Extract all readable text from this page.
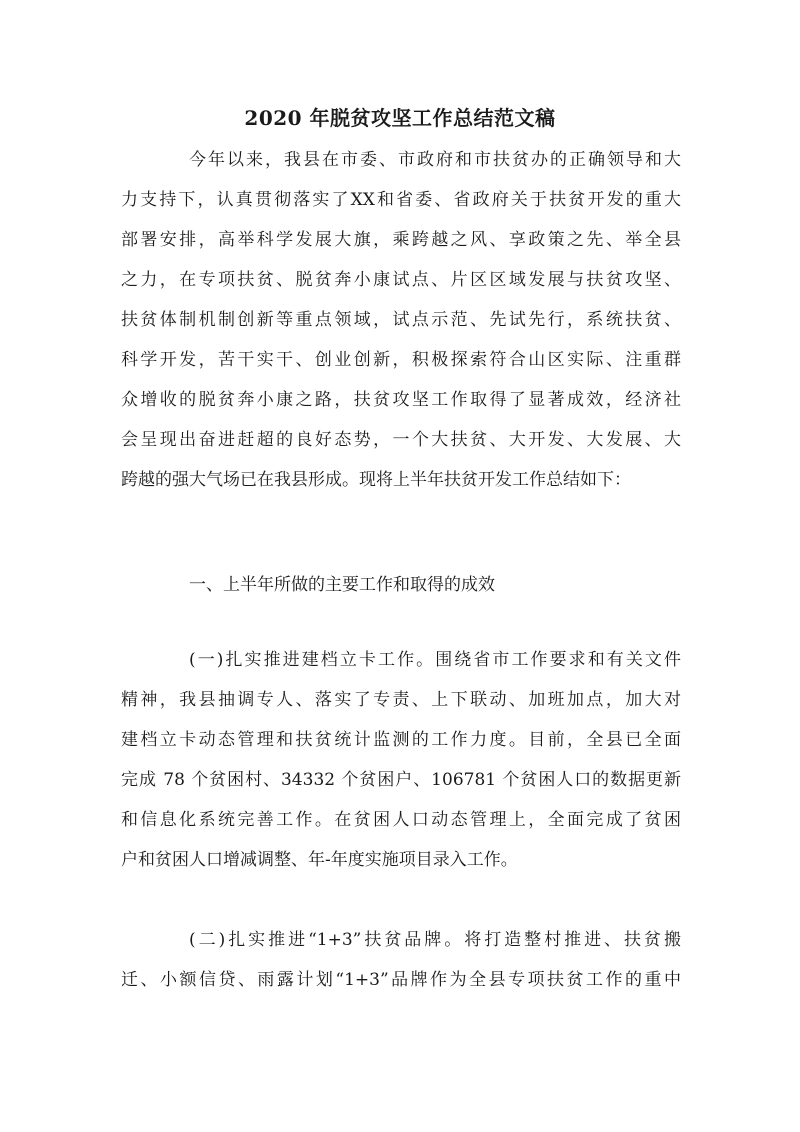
2020 年脱贫攻坚工作总结范文稿
今年以来，我县在市委、市政府和市扶贫办的正确领导和大
力支持下，认真贯彻落实了XX和省委、省政府关于扶贫开发的重大
部署安排，高举科学发展大旗，乘跨越之风、享政策之先、举全县
之力，在专项扶贫、脱贫奔小康试点、片区区域发展与扶贫攻坚、
扶贫体制机制创新等重点领域，试点示范、先试先行，系统扶贫、
科学开发，苦干实干、创业创新，积极探索符合山区实际、注重群
众增收的脱贫奔小康之路，扶贫攻坚工作取得了显著成效，经济社
会呈现出奋进赶超的良好态势，一个大扶贫、大开发、大发展、大
跨越的强大气场已在我县形成。现将上半年扶贫开发工作总结如下：
一、上半年所做的主要工作和取得的成效
(一)扎实推进建档立卡工作。围绕省市工作要求和有关文件
精神，我县抽调专人、落实了专责、上下联动、加班加点，加大对
建档立卡动态管理和扶贫统计监测的工作力度。目前，全县已全面
完成 78 个贫困村、34332 个贫困户、106781 个贫困人口的数据更新
和信息化系统完善工作。在贫困人口动态管理上，全面完成了贫困
户和贫困人口增减调整、年-年度实施项目录入工作。
(二)扎实推进“1+3”扶贫品牌。将打造整村推进、扶贫搬
迁、小额信贷、雨露计划“1+3”品牌作为全县专项扶贫工作的重中
